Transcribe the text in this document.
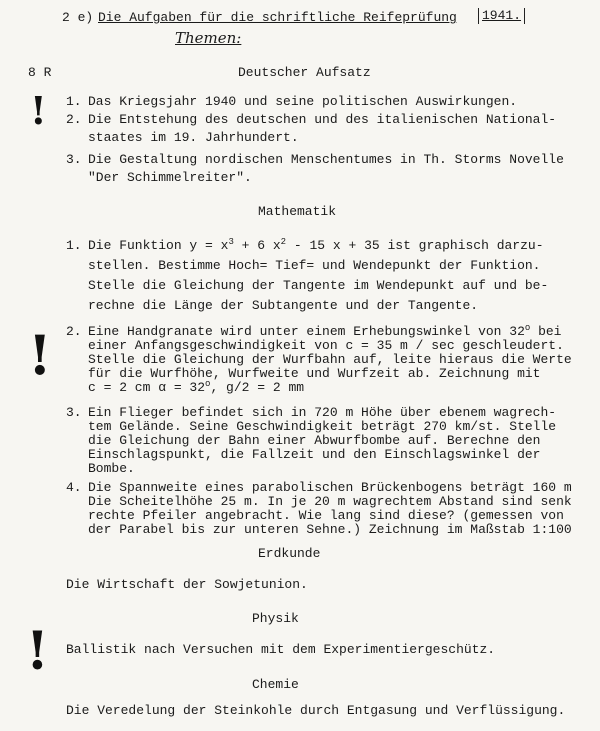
2 e) Die Aufgaben für die schriftliche Reifeprüfung	1941.
Themen:
8 R	Deutscher Aufsatz
! 1. Das Kriegsjahr 1940 und seine politischen Auswirkungen.
2. Die Entstehung des deutschen und des italienischen National-
staates im 19. Jahrhundert.
3. Die Gestaltung nordischen Menschentumes in Th. Storms Novelle
"Der Schimmelreiter".
Mathematik
1. Die Funktion $y = x^3 + 6$ $x^2 - 15$ x + 35 ist graphisch darzu-
stellen. Bestimme Hoch= Tief= und Wendepunkt der Funktion.
Stelle die Gleichung der Tangente im Wendepunkt auf und be-
rechne die Länge der Subtangente und der Tangente.
! 2. Eine Handgranate wird unter einem Erhebungswinkel von 32$^o$ bei
einer Anfangsgeschwindigkeit von c = 35 m / sec geschleudert.
Stelle die Gleichung der Wurfbahn auf, leite hieraus die Werte
für die Wurfhöhe, Wurfweite und Wurfzeit ab. Zeichnung mit
c = 2 cm $\alpha = 32^o$, g/2 = 2 mm
3. Ein Flieger befindet sich in 720 m Höhe über ebenem wagrech-
tem Gelände. Seine Geschwindigkeit beträgt 270 km/st. Stelle
die Gleichung der Bahn einer Abwurfbombe auf. Berechne den
Einschlagspunkt, die Fallzeit und den Einschlagswinkel der
Bombe.
4. Die Spannweite eines parabolischen Brückenbogens beträgt 160 m
Die Scheitelhöhe 25 m. In je 20 m wagrechtem Abstand sind senk
rechte Pfeiler angebracht. Wie lang sind diese? (gemessen von
der Parabel bis zur unteren Sehne.) Zeichnung im Maßstab 1:100
Erdkunde
Die Wirtschaft der Sowjetunion.
Physik
! Ballistik nach Versuchen mit dem Experimentiergeschütz.
Chemie
Die Veredelung der Steinkohle durch Entgasung und Verflüssigung.
